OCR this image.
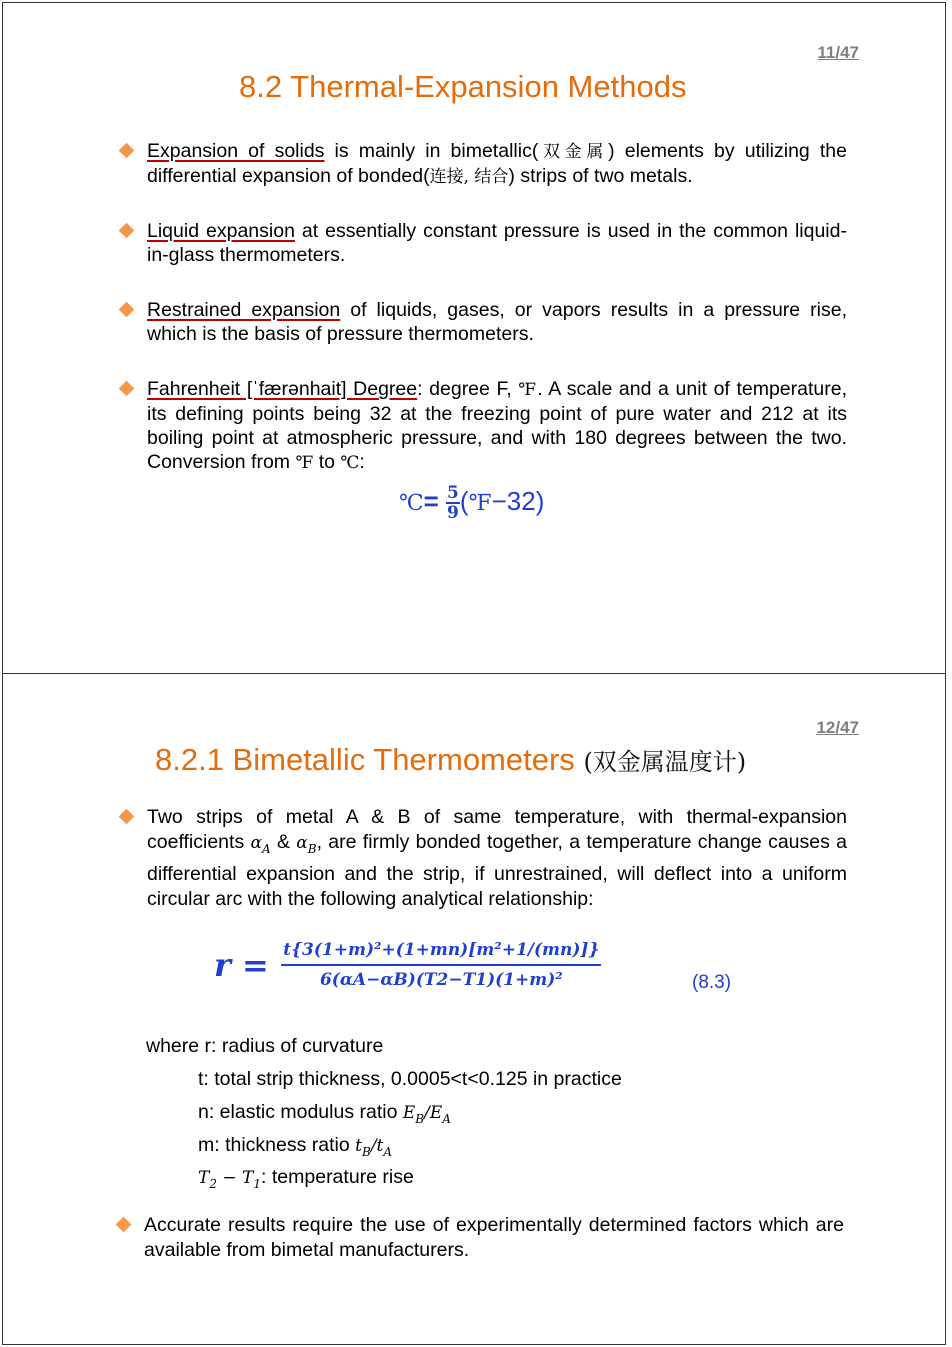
11/47
8.2 Thermal-Expansion Methods
Expansion of solids is mainly in bimetallic(双金属) elements by utilizing the differential expansion of bonded(连接, 结合) strips of two metals.
Liquid expansion at essentially constant pressure is used in the common liquid-in-glass thermometers.
Restrained expansion of liquids, gases, or vapors results in a pressure rise, which is the basis of pressure thermometers.
Fahrenheit [ˈfærənhait] Degree: degree F, ℉. A scale and a unit of temperature, its defining points being 32 at the freezing point of pure water and 212 at its boiling point at atmospheric pressure, and with 180 degrees between the two. Conversion from ℉ to ℃:
℃= $\frac{5}{9}$ (℉−32)
12/47
8.2.1 Bimetallic Thermometers (双金属温度计)
Two strips of metal A & B of same temperature, with thermal-expansion coefficients $\alpha_A$ & $\alpha_B$, are firmly bonded together, a temperature change causes a differential expansion and the strip, if unrestrained, will deflect into a uniform circular arc with the following analytical relationship:
$r = \frac{\text{t\{3(1+m)²+(1+mn)[m²+1/(mn)]\}}}{\text{6(αA−αB)(T2−T1)(1+m)²}}$	(8.3)
where r: radius of curvature
t: total strip thickness, 0.0005<t<0.125 in practice
n: elastic modulus ratio $E_B/E_A$
m: thickness ratio $t_B/t_A$
$T_2 - T_1$: temperature rise
Accurate results require the use of experimentally determined factors which are available from bimetal manufacturers.
